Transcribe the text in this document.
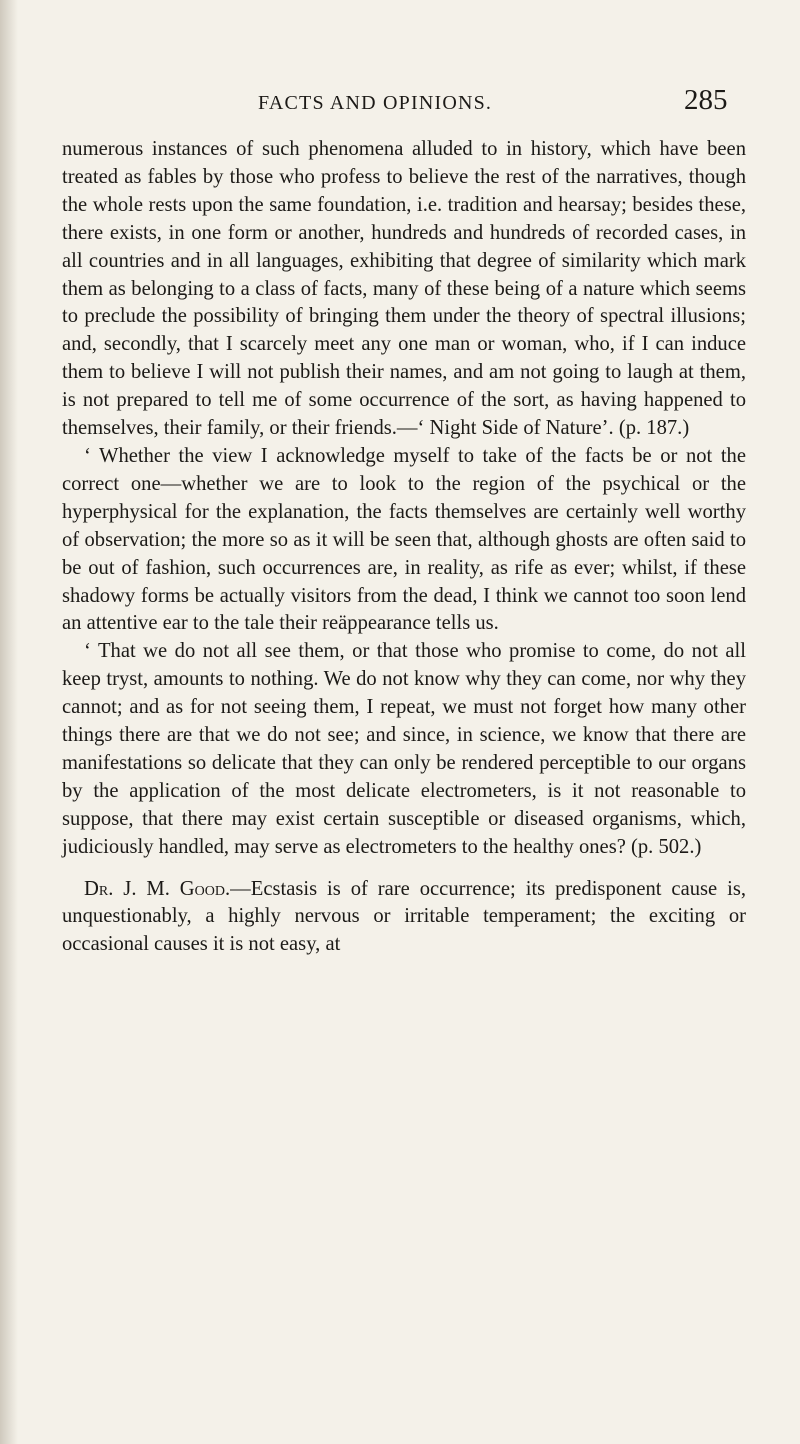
FACTS AND OPINIONS.	285

numerous instances of such phenomena alluded to in history, which have been treated as fables by those who profess to believe the rest of the narratives, though the whole rests upon the same foundation, i.e. tradition and hearsay; besides these, there exists, in one form or another, hundreds and hundreds of recorded cases, in all countries and in all languages, exhibiting that degree of similarity which mark them as belonging to a class of facts, many of these being of a nature which seems to preclude the possibility of bringing them under the theory of spectral illusions; and, secondly, that I scarcely meet any one man or woman, who, if I can induce them to believe I will not publish their names, and am not going to laugh at them, is not prepared to tell me of some occurrence of the sort, as having happened to themselves, their family, or their friends.—‘ Night Side of Nature’. (p. 187.)

‘ Whether the view I acknowledge myself to take of the facts be or not the correct one—whether we are to look to the region of the psychical or the hyperphysical for the explanation, the facts themselves are certainly well worthy of observation; the more so as it will be seen that, although ghosts are often said to be out of fashion, such occurrences are, in reality, as rife as ever; whilst, if these shadowy forms be actually visitors from the dead, I think we cannot too soon lend an attentive ear to the tale their reäppearance tells us.

‘ That we do not all see them, or that those who promise to come, do not all keep tryst, amounts to nothing. We do not know why they can come, nor why they cannot; and as for not seeing them, I repeat, we must not forget how many other things there are that we do not see; and since, in science, we know that there are manifestations so delicate that they can only be rendered perceptible to our organs by the application of the most delicate electrometers, is it not reasonable to suppose, that there may exist certain susceptible or diseased organisms, which, judiciously handled, may serve as electrometers to the healthy ones? (p. 502.)

Dr. J. M. Good.—Ecstasis is of rare occurrence; its predisponent cause is, unquestionably, a highly nervous or irritable temperament; the exciting or occasional causes it is not easy, at
